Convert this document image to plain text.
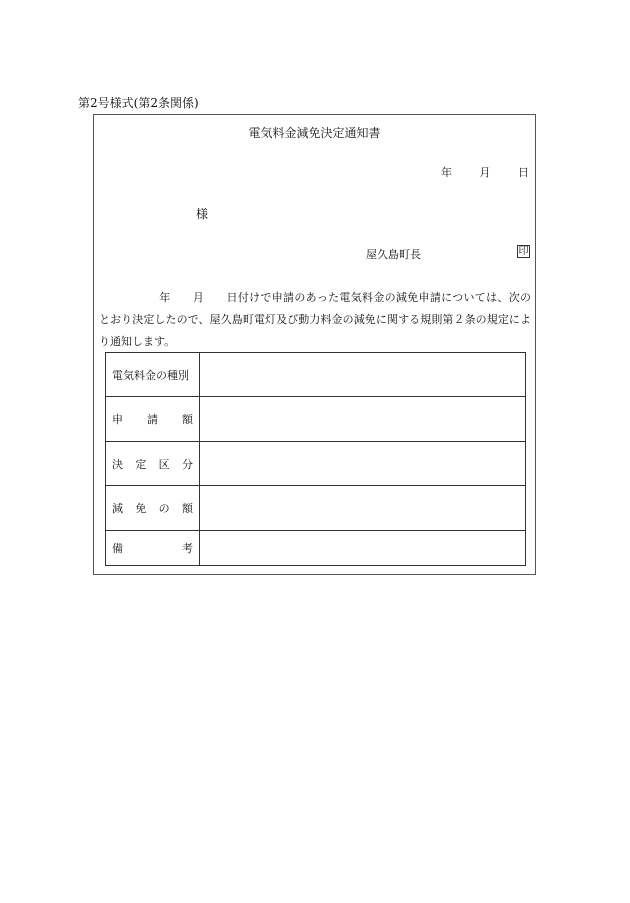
第2号様式(第2条関係)
電気料金減免決定通知書
年	月	日
様
屋久島町長	印
年 月 日付けで申請のあった電気料金の減免申請については、次のとおり決定したので、屋久島町電灯及び動力料金の減免に関する規則第２条の規定により通知します。
電気料金の種別	

申 請 額	

決 定 区 分	

減 免 の 額	

備 考	
